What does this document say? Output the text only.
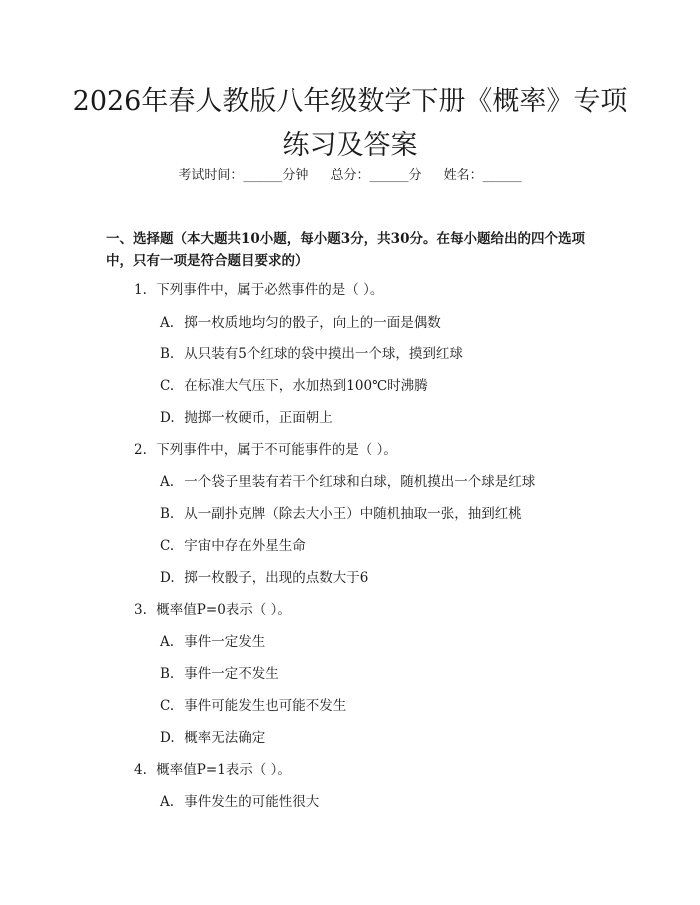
2026年春人教版八年级数学下册《概率》专项练习及答案
考试时间：______分钟 总分：______分 姓名：______
一、选择题（本大题共10小题，每小题3分，共30分。在每小题给出的四个选项中，只有一项是符合题目要求的）
1. 下列事件中，属于必然事件的是（ ）。
A. 掷一枚质地均匀的骰子，向上的一面是偶数
B. 从只装有5个红球的袋中摸出一个球，摸到红球
C. 在标准大气压下，水加热到100℃时沸腾
D. 抛掷一枚硬币，正面朝上
2. 下列事件中，属于不可能事件的是（ ）。
A. 一个袋子里装有若干个红球和白球，随机摸出一个球是红球
B. 从一副扑克牌（除去大小王）中随机抽取一张，抽到红桃
C. 宇宙中存在外星生命
D. 掷一枚骰子，出现的点数大于6
3. 概率值P=0表示（ ）。
A. 事件一定发生
B. 事件一定不发生
C. 事件可能发生也可能不发生
D. 概率无法确定
4. 概率值P=1表示（ ）。
A. 事件发生的可能性很大
